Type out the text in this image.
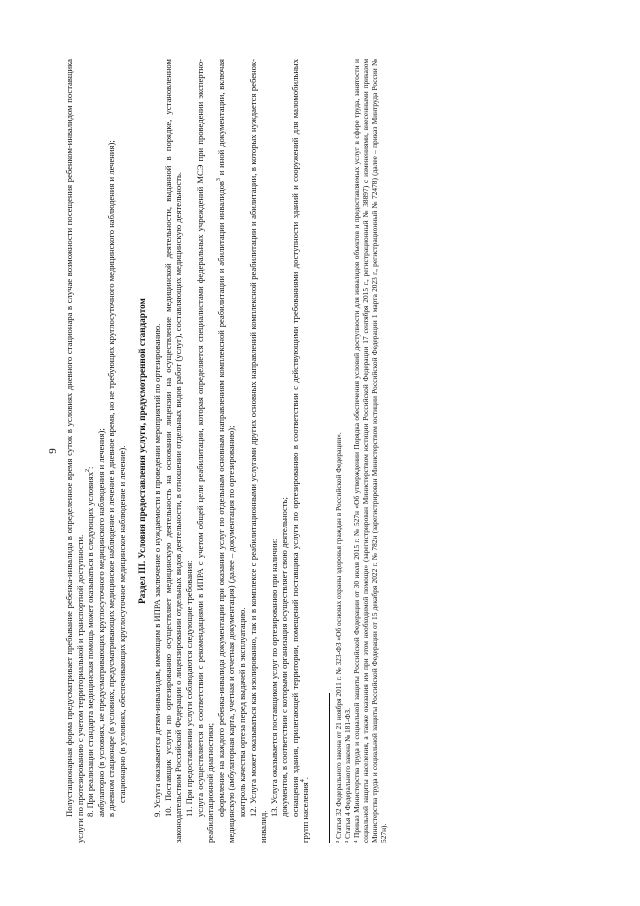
9 Полустационарная форма предусматривает пребывание ребенка-инвалида в определенное время суток в условиях дневного стационара в случае возможности посещения ребенком-инвалидом поставщика услуги по протезированию с учетом территориальной и транспортной доступности. 8. При реализации стандарта медицинская помощь может оказываться в следующих условиях$^2$: амбулаторно (в условиях, не предусматривающих круглосуточного медицинского наблюдения и лечения); в дневном стационаре (в условиях, предусматривающих медицинское наблюдение и лечение в дневное время, но не требующих круглосуточного медицинского наблюдения и лечения); стационарно (в условиях, обеспечивающих круглосуточное медицинское наблюдение и лечение). Раздел III. Условия предоставления услуги, предусмотренной стандартом 9. Услуга оказывается детям-инвалидам, имеющим в ИПРА заключение о нуждаемости в проведении мероприятий по ортезированию. 10. Поставщик услуги по ортезированию осуществляет медицинскую деятельность на основании лицензии на осуществление медицинской деятельности, выданной в порядке, установленном законодательством Российской Федерации о лицензировании отдельных видов деятельности, в отношении отдельных видов работ (услуг), составляющих медицинскую деятельность. 11. При предоставлении услуги соблюдаются следующие требования: услуга осуществляется в соответствии с рекомендациями в ИПРА с учетом общей цели реабилитации, которая определяется специалистами федеральных учреждений МСЭ при проведении экспертно-реабилитационной диагностики; оформление на каждого ребенка-инвалида документации при оказании услуг по отдельным основным направлениям комплексной реабилитации и абилитации инвалидов$^3$ и иной документации, включая медицинскую (амбулаторная карта, учетная и отчетная документация) (далее – документация по ортезированию); контроль качества ортеза перед выдачей в эксплуатацию. 12. Услуга может оказываться как изолированно, так и в комплексе с реабилитационными услугами других основных направлений комплексной реабилитации и абилитации, в которых нуждается ребенок-инвалид.

13. Услуга оказывается поставщиком услуг по ортезированию при наличии: документов, в соответствии с которыми организация осуществляет свою деятельность; оснащения здания, прилегающей территории, помещений поставщика услуги по ортезированию в соответствии с действующими требованиями доступности зданий и сооружений для маломобильных групп населения$^4$.	² Статья 32 Федерального закона от 21 ноября 2011 г. № 323-ФЗ «Об основах охраны здоровья граждан в Российской Федерации». ³ Статья 4 Федерального закона № 181-ФЗ. ⁴ Приказ Министерства труда и социальной защиты Российской Федерации от 30 июля 2015 г. № 527н «Об утверждении Порядка обеспечения условий доступности для инвалидов объектов и предоставляемых услуг в сфере труда, занятости и социальной защиты населения, а также оказания им при этом необходимой помощи» (зарегистрирован Министерством юстиции Российской Федерации 17 сентября 2015 г., регистрационный № 38897) с изменениями, внесенными приказом Министерства труда и социальной защиты Российской Федерации от 15 декабря 2022 г. № 782н (зарегистрирован Министерством юстиции Российской Федерации 1 марта 2023 г., регистрационный № 72478) (далее – приказ Минтруда России № 527н).
